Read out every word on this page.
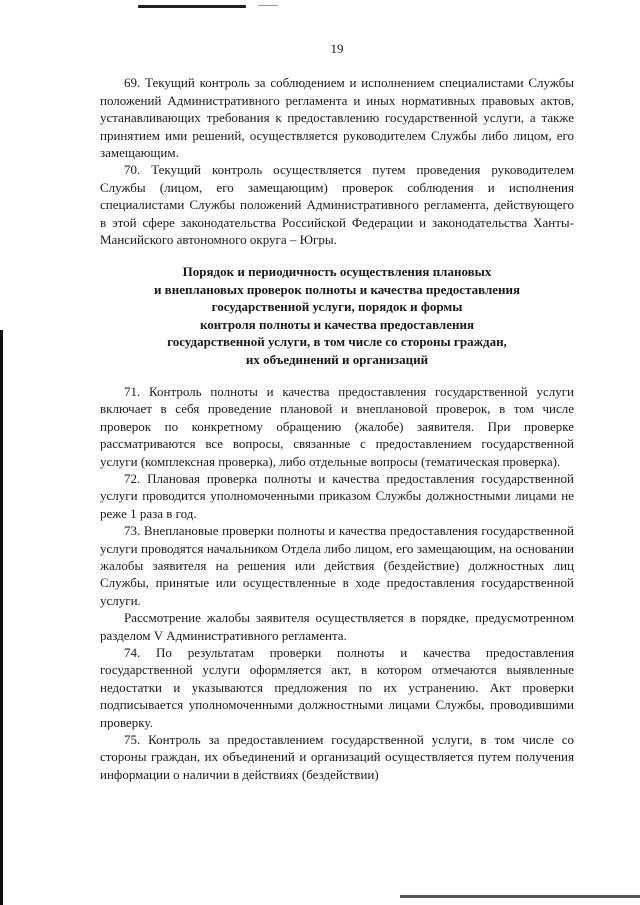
19

69. Текущий контроль за соблюдением и исполнением специалистами Службы положений Административного регламента и иных нормативных правовых актов, устанавливающих требования к предоставлению государственной услуги, а также принятием ими решений, осуществляется руководителем Службы либо лицом, его замещающим.

70. Текущий контроль осуществляется путем проведения руководителем Службы (лицом, его замещающим) проверок соблюдения и исполнения специалистами Службы положений Административного регламента, действующего в этой сфере законодательства Российской Федерации и законодательства Ханты-Мансийского автономного округа – Югры.

Порядок и периодичность осуществления плановых
и внеплановых проверок полноты и качества предоставления
государственной услуги, порядок и формы
контроля полноты и качества предоставления
государственной услуги, в том числе со стороны граждан,
их объединений и организаций

71. Контроль полноты и качества предоставления государственной услуги включает в себя проведение плановой и внеплановой проверок, в том числе проверок по конкретному обращению (жалобе) заявителя. При проверке рассматриваются все вопросы, связанные с предоставлением государственной услуги (комплексная проверка), либо отдельные вопросы (тематическая проверка).

72. Плановая проверка полноты и качества предоставления государственной услуги проводится уполномоченными приказом Службы должностными лицами не реже 1 раза в год.

73. Внеплановые проверки полноты и качества предоставления государственной услуги проводятся начальником Отдела либо лицом, его замещающим, на основании жалобы заявителя на решения или действия (бездействие) должностных лиц Службы, принятые или осуществленные в ходе предоставления государственной услуги.

Рассмотрение жалобы заявителя осуществляется в порядке, предусмотренном разделом V Административного регламента.

74. По результатам проверки полноты и качества предоставления государственной услуги оформляется акт, в котором отмечаются выявленные недостатки и указываются предложения по их устранению. Акт проверки подписывается уполномоченными должностными лицами Службы, проводившими проверку.

75. Контроль за предоставлением государственной услуги, в том числе со стороны граждан, их объединений и организаций осуществляется путем получения информации о наличии в действиях (бездействии)
